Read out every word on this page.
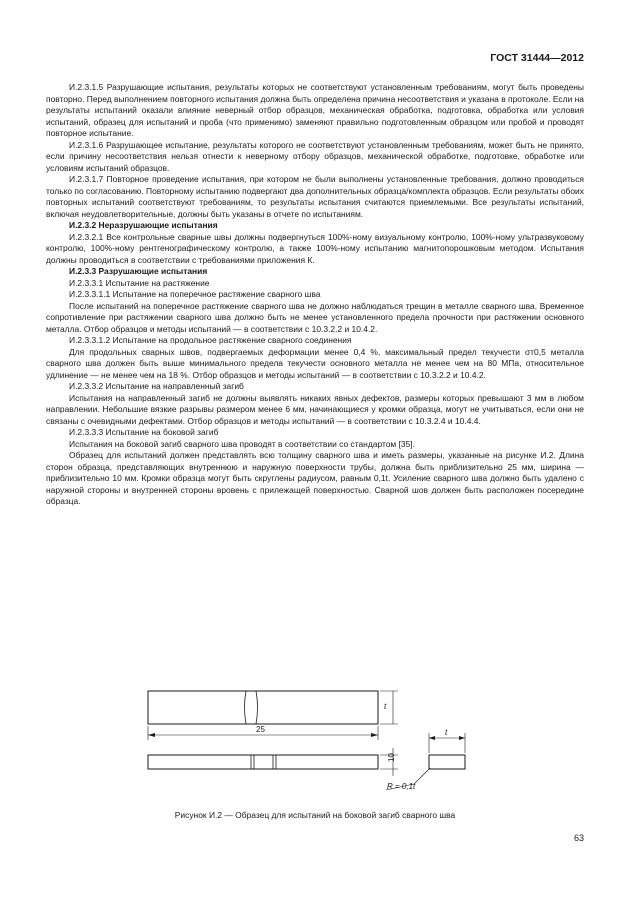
ГОСТ 31444—2012

И.2.3.1.5 Разрушающие испытания, результаты которых не соответствуют установленным требованиям, могут быть проведены повторно. Перед выполнением повторного испытания должна быть определена причина несоответствия и указана в протоколе. Если на результаты испытаний оказали влияние неверный отбор образцов, механическая обработка, подготовка, обработка или условия испытаний, образец для испытаний и проба (что применимо) заменяют правильно подготовленным образцом или пробой и проводят повторное испытание.

И.2.3.1.6 Разрушающее испытание, результаты которого не соответствуют установленным требованиям, может быть не принято, если причину несоответствия нельзя отнести к неверному отбору образцов, механической обработке, подготовке, обработке или условиям испытаний образцов.

И.2.3.1.7 Повторное проведение испытания, при котором не были выполнены установленные требования, должно проводиться только по согласованию. Повторному испытанию подвергают два дополнительных образца/комплекта образцов. Если результаты обоих повторных испытаний соответствуют требованиям, то результаты испытания считаются приемлемыми. Все результаты испытаний, включая неудовлетворительные, должны быть указаны в отчете по испытаниям.

И.2.3.2 Неразрушающие испытания

И.2.3.2.1 Все контрольные сварные швы должны подвергнуться 100%-ному визуальному контролю, 100%-ному ультразвуковому контролю, 100%-ному рентгенографическому контролю, а также 100%-ному испытанию магнитопорошковым методом. Испытания должны проводиться в соответствии с требованиями приложения К.

И.2.3.3 Разрушающие испытания

И.2.3.3.1 Испытание на растяжение

И.2.3.3.1.1 Испытание на поперечное растяжение сварного шва

После испытаний на поперечное растяжение сварного шва не должно наблюдаться трещин в металле сварного шва. Временное сопротивление при растяжении сварного шва должно быть не менее установленного предела прочности при растяжении основного металла. Отбор образцов и методы испытаний — в соответствии с 10.3.2.2 и 10.4.2.

И.2.3.3.1.2 Испытание на продольное растяжение сварного соединения

Для продольных сварных швов, подвергаемых деформации менее 0,4 %, максимальный предел текучести σт0,5 металла сварного шва должен быть выше минимального предела текучести основного металла не менее чем на 80 МПа, относительное удлинение — не менее чем на 18 %. Отбор образцов и методы испытаний — в соответствии с 10.3.2.2 и 10.4.2.

И.2.3.3.2 Испытание на направленный загиб

Испытания на направленный загиб не должны выявлять никаких явных дефектов, размеры которых превышают 3 мм в любом направлении. Небольшие вязкие разрывы размером менее 6 мм, начинающиеся у кромки образца, могут не учитываться, если они не связаны с очевидными дефектами. Отбор образцов и методы испытаний — в соответствии с 10.3.2.4 и 10.4.4.

И.2.3.3.3 Испытание на боковой загиб

Испытания на боковой загиб сварного шва проводят в соответствии со стандартом [35].

Образец для испытаний должен представлять всю толщину сварного шва и иметь размеры, указанные на рисунке И.2. Длина сторон образца, представляющих внутреннюю и наружную поверхности трубы, должна быть приблизительно 25 мм, ширина — приблизительно 10 мм. Кромки образца могут быть скруглены радиусом, равным 0,1t. Усиление сварного шва должно быть удалено с наружной стороны и внутренней стороны вровень с прилежащей поверхностью. Сварной шов должен быть расположен посередине образца.

t
25
10
t
R = 0,1t
Рисунок И.2 — Образец для испытаний на боковой загиб сварного шва
63
